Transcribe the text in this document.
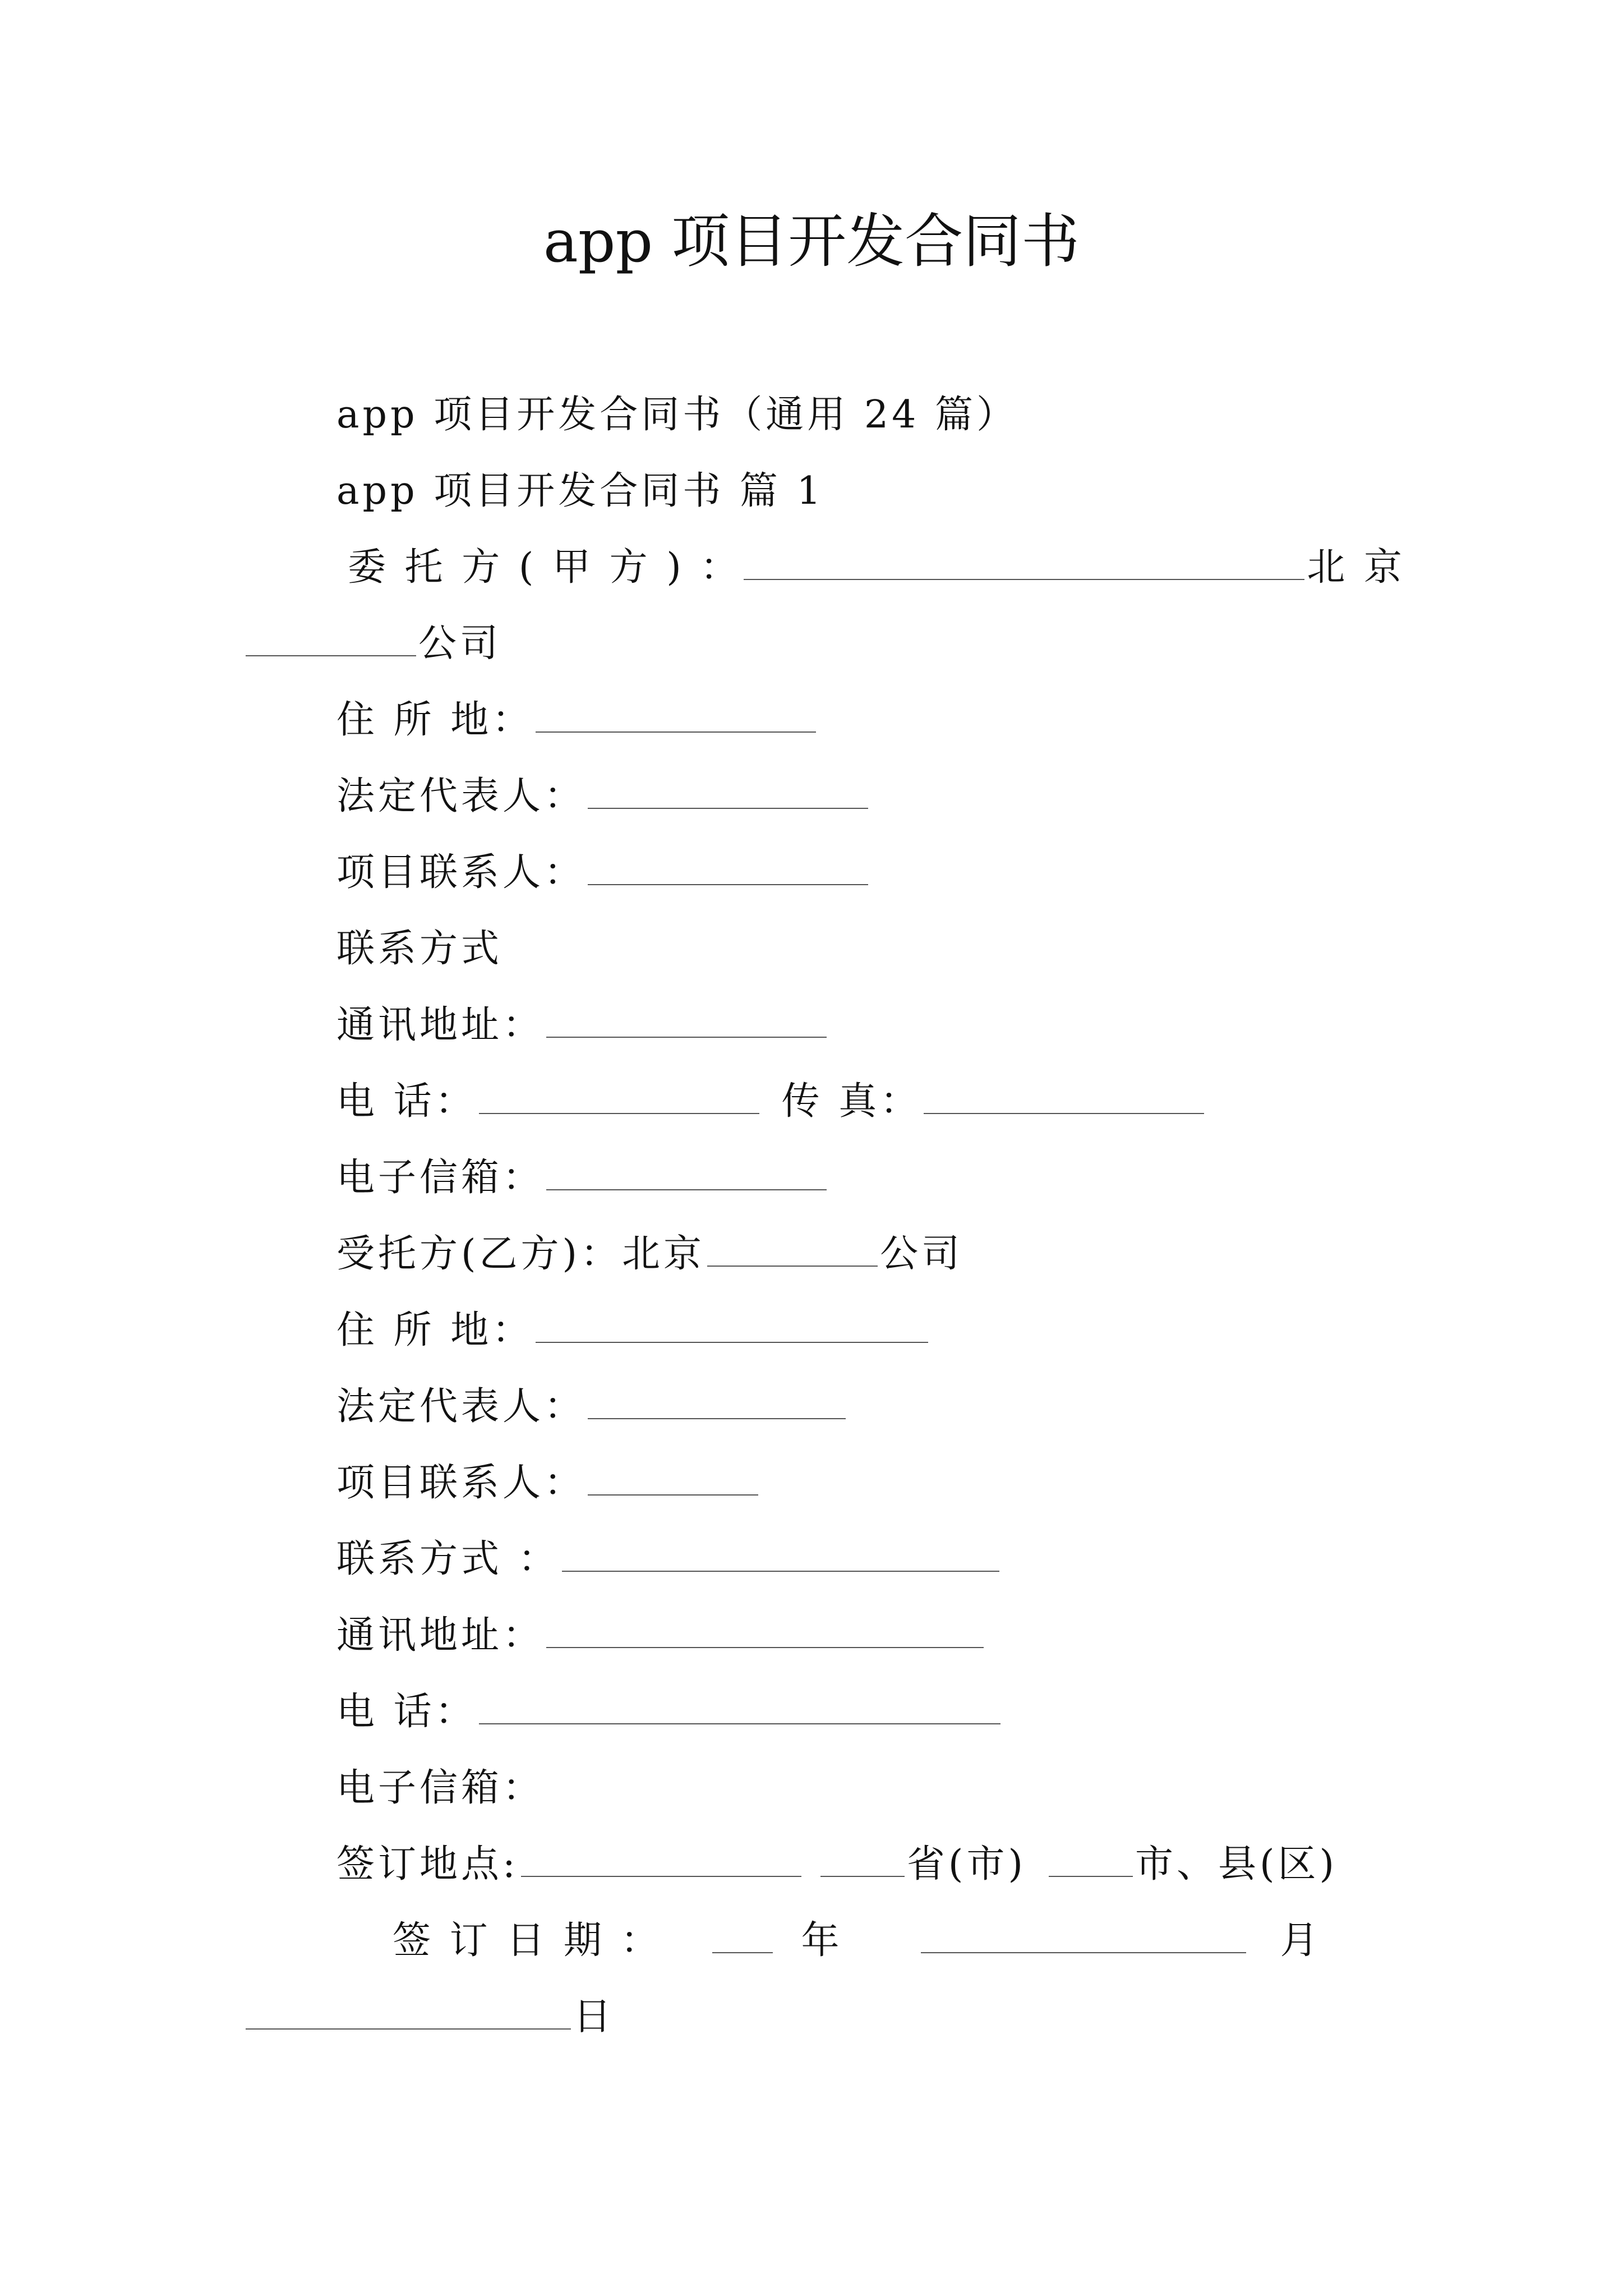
app 项目开发合同书
app 项目开发合同书（通用 24 篇）
app 项目开发合同书 篇 1
委 托 方 ( 甲 方 ) ：	北 京
公司
住 所 地：
法定代表人：
项目联系人：
联系方式
通讯地址：
电 话：	传 真：
电子信箱：
受托方(乙方)：北京	公司
住 所 地：
法定代表人：
项目联系人：
联系方式 ：
通讯地址：
电 话：
电子信箱：
签订地点:	省(市)	市、县(区)
签 订 日 期 ：	年	月
日
